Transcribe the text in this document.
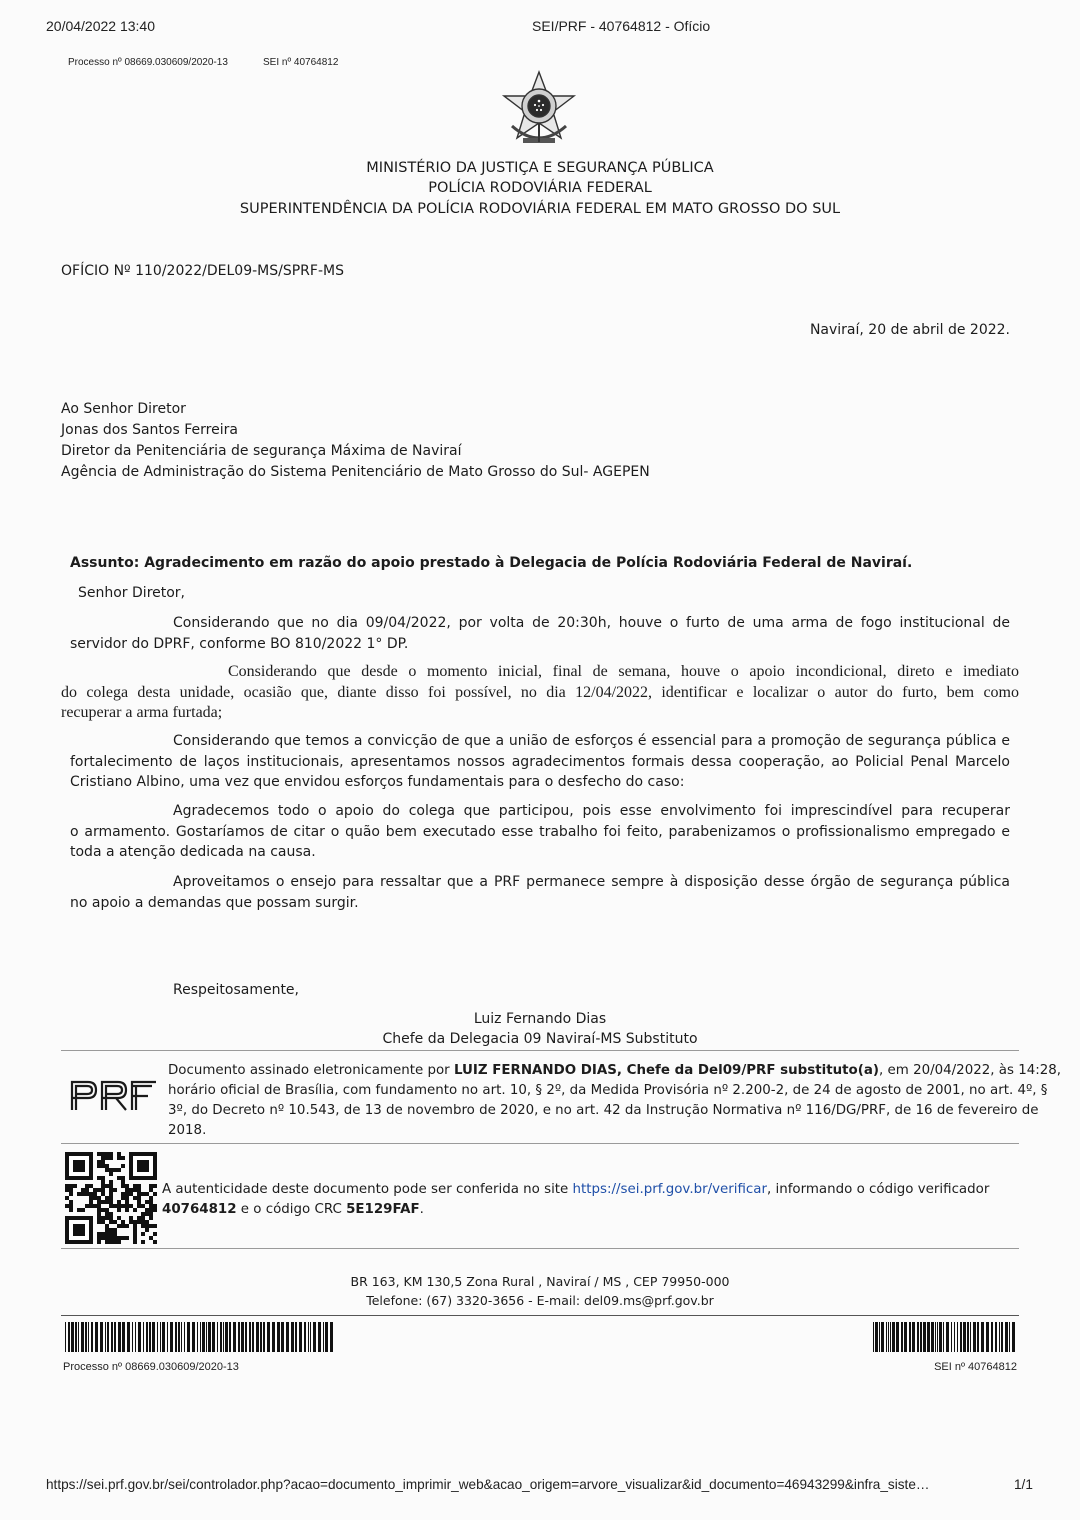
20/04/2022 13:40	SEI/PRF - 40764812 - Ofício
Processo nº 08669.030609/2020-13	SEI nº 40764812
MINISTÉRIO DA JUSTIÇA E SEGURANÇA PÚBLICA
POLÍCIA RODOVIÁRIA FEDERAL
SUPERINTENDÊNCIA DA POLÍCIA RODOVIÁRIA FEDERAL EM MATO GROSSO DO SUL
OFÍCIO Nº 110/2022/DEL09-MS/SPRF-MS
Naviraí, 20 de abril de 2022.
Ao Senhor Diretor
Jonas dos Santos Ferreira
Diretor da Penitenciária de segurança Máxima de Naviraí
Agência de Administração do Sistema Penitenciário de Mato Grosso do Sul- AGEPEN
Assunto: Agradecimento em razão do apoio prestado à Delegacia de Polícia Rodoviária Federal de Naviraí.
Senhor Diretor,
Considerando que no dia 09/04/2022, por volta de 20:30h, houve o furto de uma arma de fogo institucional de
servidor do DPRF, conforme BO 810/2022 1° DP.
Considerando que desde o momento inicial, final de semana, houve o apoio incondicional, direto e imediato
do colega desta unidade, ocasião que, diante disso foi possível, no dia 12/04/2022, identificar e localizar o autor do furto, bem como
recuperar a arma furtada;
Considerando que temos a convicção de que a união de esforços é essencial para a promoção de segurança pública e
fortalecimento de laços institucionais, apresentamos nossos agradecimentos formais dessa cooperação, ao Policial Penal Marcelo
Cristiano Albino, uma vez que envidou esforços fundamentais para o desfecho do caso:
Agradecemos todo o apoio do colega que participou, pois esse envolvimento foi imprescindível para recuperar
o armamento. Gostaríamos de citar o quão bem executado esse trabalho foi feito, parabenizamos o profissionalismo empregado e
toda a atenção dedicada na causa.
Aproveitamos o ensejo para ressaltar que a PRF permanece sempre à disposição desse órgão de segurança pública
no apoio a demandas que possam surgir.
Respeitosamente,
Luiz Fernando Dias
Chefe da Delegacia 09 Naviraí-MS Substituto
Documento assinado eletronicamente por LUIZ FERNANDO DIAS, Chefe da Del09/PRF substituto(a), em 20/04/2022, às 14:28,
horário oficial de Brasília, com fundamento no art. 10, § 2º, da Medida Provisória nº 2.200-2, de 24 de agosto de 2001, no art. 4º, §
3º, do Decreto nº 10.543, de 13 de novembro de 2020, e no art. 42 da Instrução Normativa nº 116/DG/PRF, de 16 de fevereiro de
2018.
A autenticidade deste documento pode ser conferida no site https://sei.prf.gov.br/verificar, informando o código verificador
40764812 e o código CRC 5E129FAF.
BR 163, KM 130,5 Zona Rural , Naviraí / MS , CEP 79950-000
Telefone: (67) 3320-3656 - E-mail: del09.ms@prf.gov.br
Processo nº 08669.030609/2020-13	SEI nº 40764812
https://sei.prf.gov.br/sei/controlador.php?acao=documento_imprimir_web&acao_origem=arvore_visualizar&id_documento=46943299&infra_siste…	1/1
